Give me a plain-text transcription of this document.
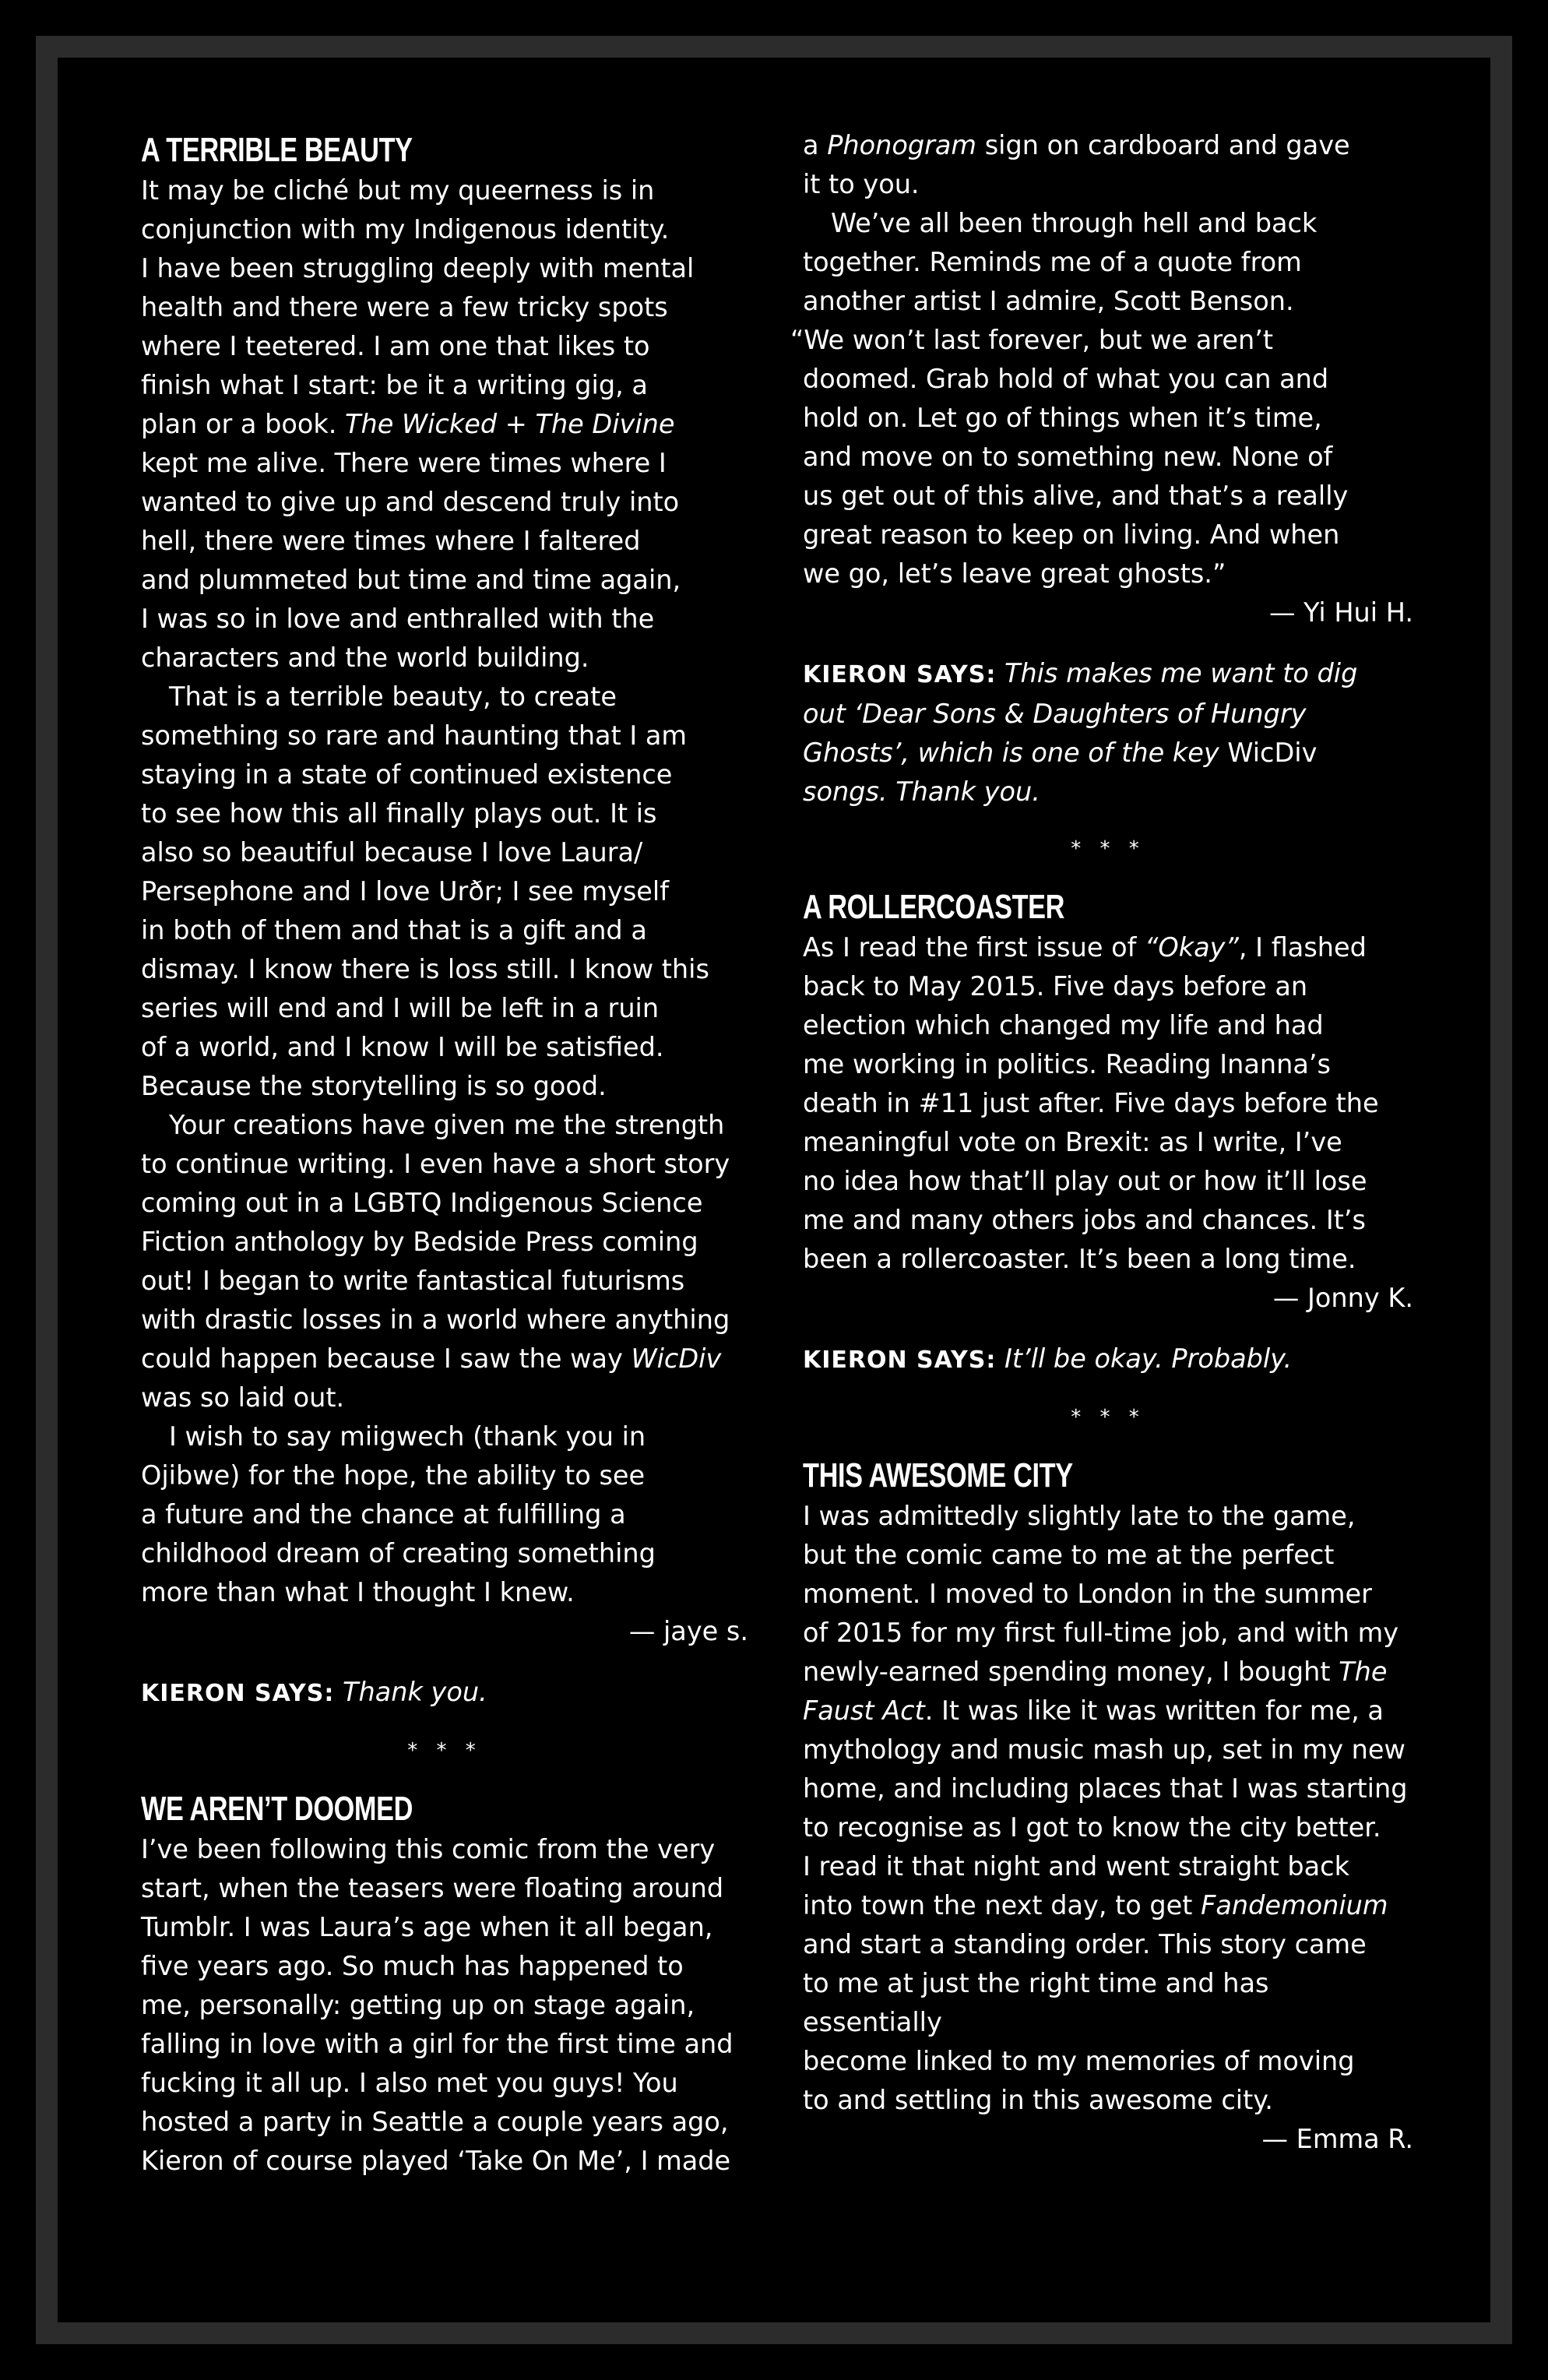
A TERRIBLE BEAUTY

It may be cliché but my queerness is in
conjunction with my Indigenous identity.
I have been struggling deeply with mental
health and there were a few tricky spots
where I teetered. I am one that likes to
finish what I start: be it a writing gig, a
plan or a book. The Wicked + The Divine
kept me alive. There were times where I
wanted to give up and descend truly into
hell, there were times where I faltered
and plummeted but time and time again,
I was so in love and enthralled with the
characters and the world building.

That is a terrible beauty, to create
something so rare and haunting that I am
staying in a state of continued existence
to see how this all finally plays out. It is
also so beautiful because I love Laura/
Persephone and I love Urðr; I see myself
in both of them and that is a gift and a
dismay. I know there is loss still. I know this
series will end and I will be left in a ruin
of a world, and I know I will be satisfied.
Because the storytelling is so good.

Your creations have given me the strength
to continue writing. I even have a short story
coming out in a LGBTQ Indigenous Science
Fiction anthology by Bedside Press coming
out! I began to write fantastical futurisms
with drastic losses in a world where anything
could happen because I saw the way WicDiv
was so laid out.

I wish to say miigwech (thank you in
Ojibwe) for the hope, the ability to see
a future and the chance at fulfilling a
childhood dream of creating something
more than what I thought I knew.

— jaye s.

KIERON SAYS: Thank you.

* * *

WE AREN’T DOOMED

I’ve been following this comic from the very
start, when the teasers were floating around
Tumblr. I was Laura’s age when it all began,
five years ago. So much has happened to
me, personally: getting up on stage again,
falling in love with a girl for the first time and
fucking it all up. I also met you guys! You
hosted a party in Seattle a couple years ago,
Kieron of course played ‘Take On Me’, I made

a Phonogram sign on cardboard and gave
it to you.

We’ve all been through hell and back
together. Reminds me of a quote from
another artist I admire, Scott Benson.

“We won’t last forever, but we aren’t
doomed. Grab hold of what you can and
hold on. Let go of things when it’s time,
and move on to something new. None of
us get out of this alive, and that’s a really
great reason to keep on living. And when
we go, let’s leave great ghosts.”

— Yi Hui H.

KIERON SAYS: This makes me want to dig
out ‘Dear Sons & Daughters of Hungry
Ghosts’, which is one of the key WicDiv
songs. Thank you.

* * *

A ROLLERCOASTER

As I read the first issue of “Okay”, I flashed
back to May 2015. Five days before an
election which changed my life and had
me working in politics. Reading Inanna’s
death in #11 just after. Five days before the
meaningful vote on Brexit: as I write, I’ve
no idea how that’ll play out or how it’ll lose
me and many others jobs and chances. It’s
been a rollercoaster. It’s been a long time.

— Jonny K.

KIERON SAYS: It’ll be okay. Probably.

* * *

THIS AWESOME CITY

I was admittedly slightly late to the game,
but the comic came to me at the perfect
moment. I moved to London in the summer
of 2015 for my first full-time job, and with my
newly-earned spending money, I bought The
Faust Act. It was like it was written for me, a
mythology and music mash up, set in my new
home, and including places that I was starting
to recognise as I got to know the city better.
I read it that night and went straight back
into town the next day, to get Fandemonium
and start a standing order. This story came
to me at just the right time and has essentially
become linked to my memories of moving
to and settling in this awesome city.

— Emma R.
